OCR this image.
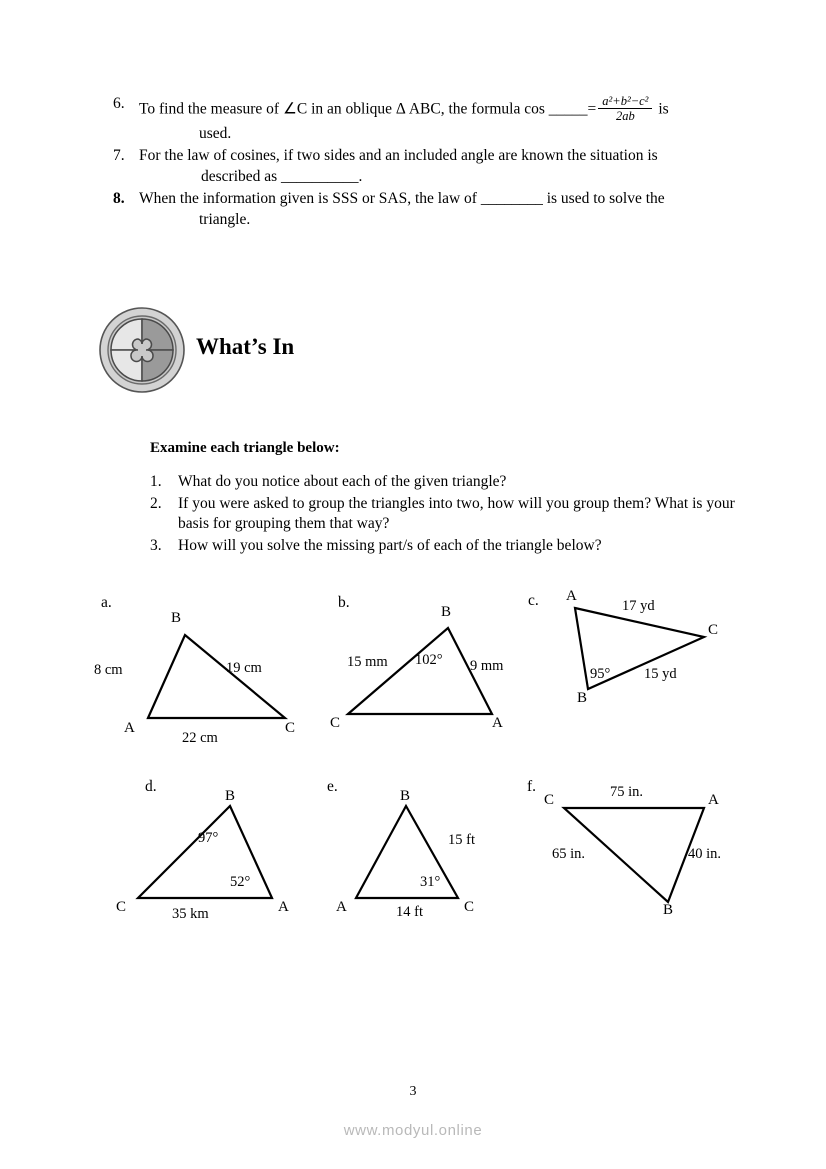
6. To find the measure of ∠C in an oblique Δ ABC, the formula cos _____= $\frac{\text{a²+b²−c²}}{2ab}$ is
used.
7. For the law of cosines, if two sides and an included angle are known the situation is
described as __________.
8. When the information given is SSS or SAS, the law of ________ is used to solve the
triangle.
What’s In
Examine each triangle below:
1.	What do you notice about each of the given triangle?
2.	If you were asked to group the triangles into two, how will you group them? What is your basis for grouping them that way?
3.	How will you solve the missing part/s of each of the triangle below?
a.
B
A	C
8 cm	19 cm
22 cm
b.
B
C	A
15 mm 102° 9 mm
c. A
C
B
17 yd
15 yd
95°
d.
B
C	A
97°
52°
35 km
e.
B
A	C
15 ft
31°
14 ft
f.
C	A
B
75 in.
65 in.	40 in.
3
www.modyul.online
